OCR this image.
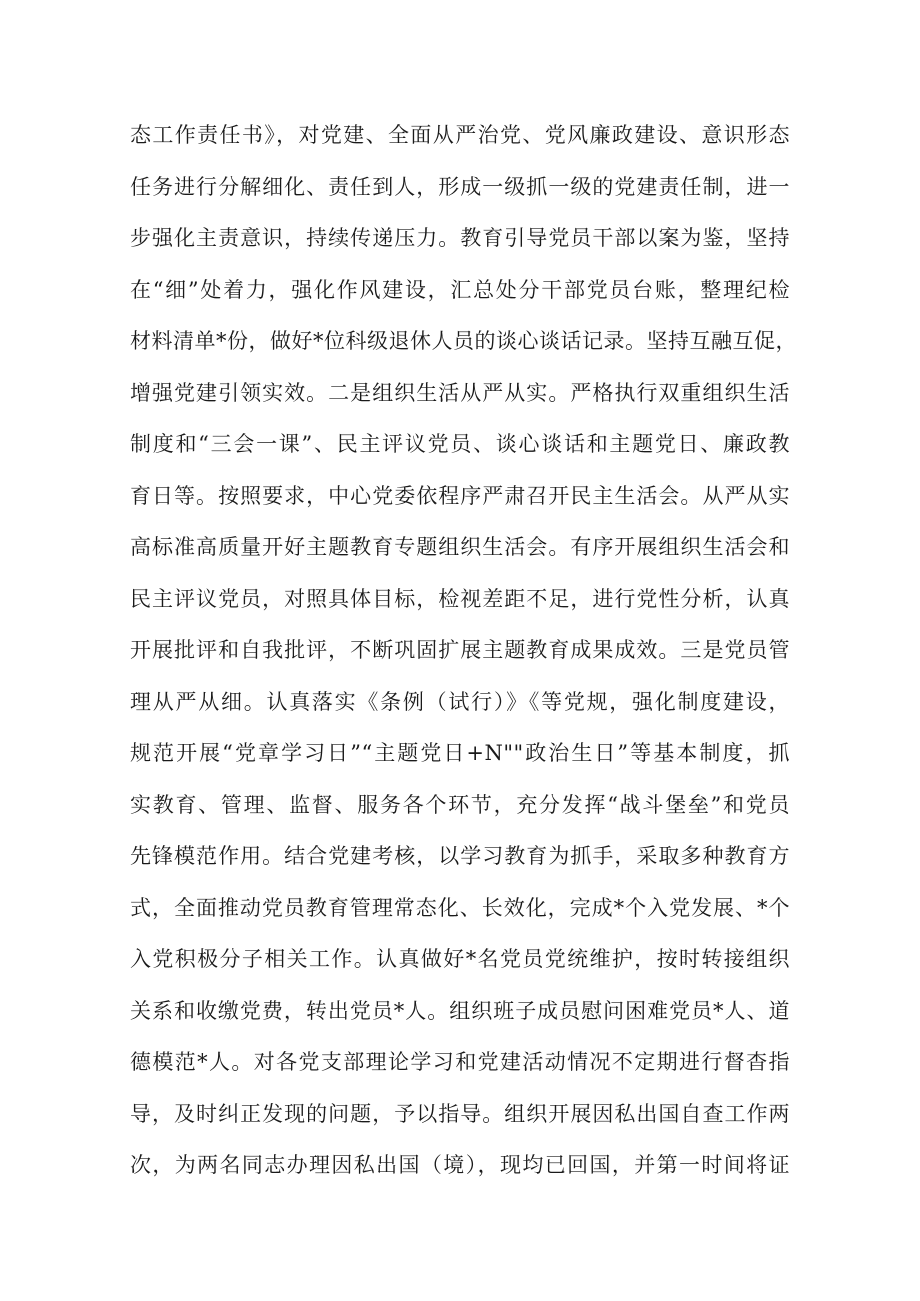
态工作责任书》，对党建、全面从严治党、党风廉政建设、意识形态
任务进行分解细化、责任到人，形成一级抓一级的党建责任制，进一
步强化主责意识，持续传递压力。教育引导党员干部以案为鉴，坚持
在“细”处着力，强化作风建设，汇总处分干部党员台账，整理纪检
材料清单*份，做好*位科级退休人员的谈心谈话记录。坚持互融互促，
增强党建引领实效。二是组织生活从严从实。严格执行双重组织生活
制度和“三会一课”、民主评议党员、谈心谈话和主题党日、廉政教
育日等。按照要求，中心党委依程序严肃召开民主生活会。从严从实
高标准高质量开好主题教育专题组织生活会。有序开展组织生活会和
民主评议党员，对照具体目标，检视差距不足，进行党性分析，认真
开展批评和自我批评，不断巩固扩展主题教育成果成效。三是党员管
理从严从细。认真落实《条例（试行）》《等党规，强化制度建设，
规范开展“党章学习日”“主题党日+N""政治生日”等基本制度，抓
实教育、管理、监督、服务各个环节，充分发挥“战斗堡垒”和党员
先锋模范作用。结合党建考核，以学习教育为抓手，采取多种教育方
式，全面推动党员教育管理常态化、长效化，完成*个入党发展、*个
入党积极分子相关工作。认真做好*名党员党统维护，按时转接组织
关系和收缴党费，转出党员*人。组织班子成员慰问困难党员*人、道
德模范*人。对各党支部理论学习和党建活动情况不定期进行督杳指
导，及时纠正发现的问题，予以指导。组织开展因私出国自查工作两
次，为两名同志办理因私出国（境），现均已回国，并第一时间将证
